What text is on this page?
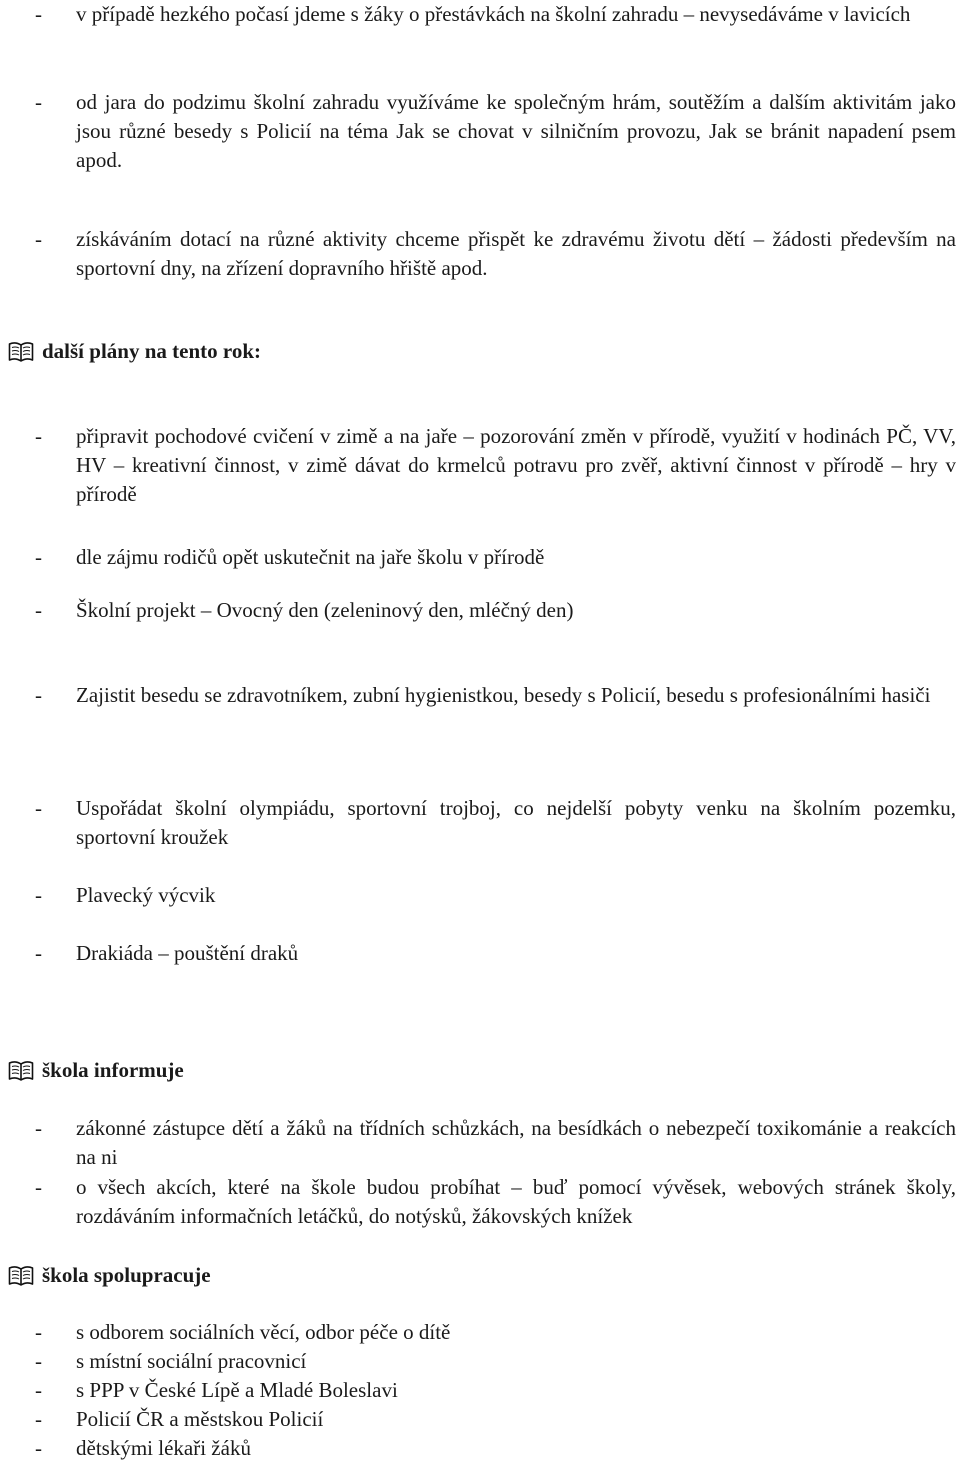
- v případě hezkého počasí jdeme s žáky o přestávkách na školní zahradu – nevysedáváme v lavicích
- od jara do podzimu školní zahradu využíváme ke společným hrám, soutěžím a dalším aktivitám jako jsou různé besedy s Policií na téma Jak se chovat v silničním provozu, Jak se bránit napadení psem apod.
- získáváním dotací na různé aktivity chceme přispět ke zdravému životu dětí – žádosti především na sportovní dny, na zřízení dopravního hřiště apod.
další plány na tento rok:
- připravit pochodové cvičení v zimě a na jaře – pozorování změn v přírodě, využití v hodinách PČ, VV, HV – kreativní činnost, v zimě dávat do krmelců potravu pro zvěř, aktivní činnost v přírodě – hry v přírodě
- dle zájmu rodičů opět uskutečnit na jaře školu v přírodě
- Školní projekt – Ovocný den (zeleninový den, mléčný den)
- Zajistit besedu se zdravotníkem, zubní hygienistkou, besedy s Policií, besedu s profesionálními hasiči
- Uspořádat školní olympiádu, sportovní trojboj, co nejdelší pobyty venku na školním pozemku, sportovní kroužek
- Plavecký výcvik
- Drakiáda – pouštění draků
škola informuje
- zákonné zástupce dětí a žáků na třídních schůzkách, na besídkách o nebezpečí toxikománie a reakcích na ni
- o všech akcích, které na škole budou probíhat – buď pomocí vývěsek, webových stránek školy, rozdáváním informačních letáčků, do notýsků, žákovských knížek
škola spolupracuje
- s odborem sociálních věcí, odbor péče o dítě
- s místní sociální pracovnicí
- s PPP v České Lípě a Mladé Boleslavi
- Policií ČR a městskou Policií
- dětskými lékaři žáků
